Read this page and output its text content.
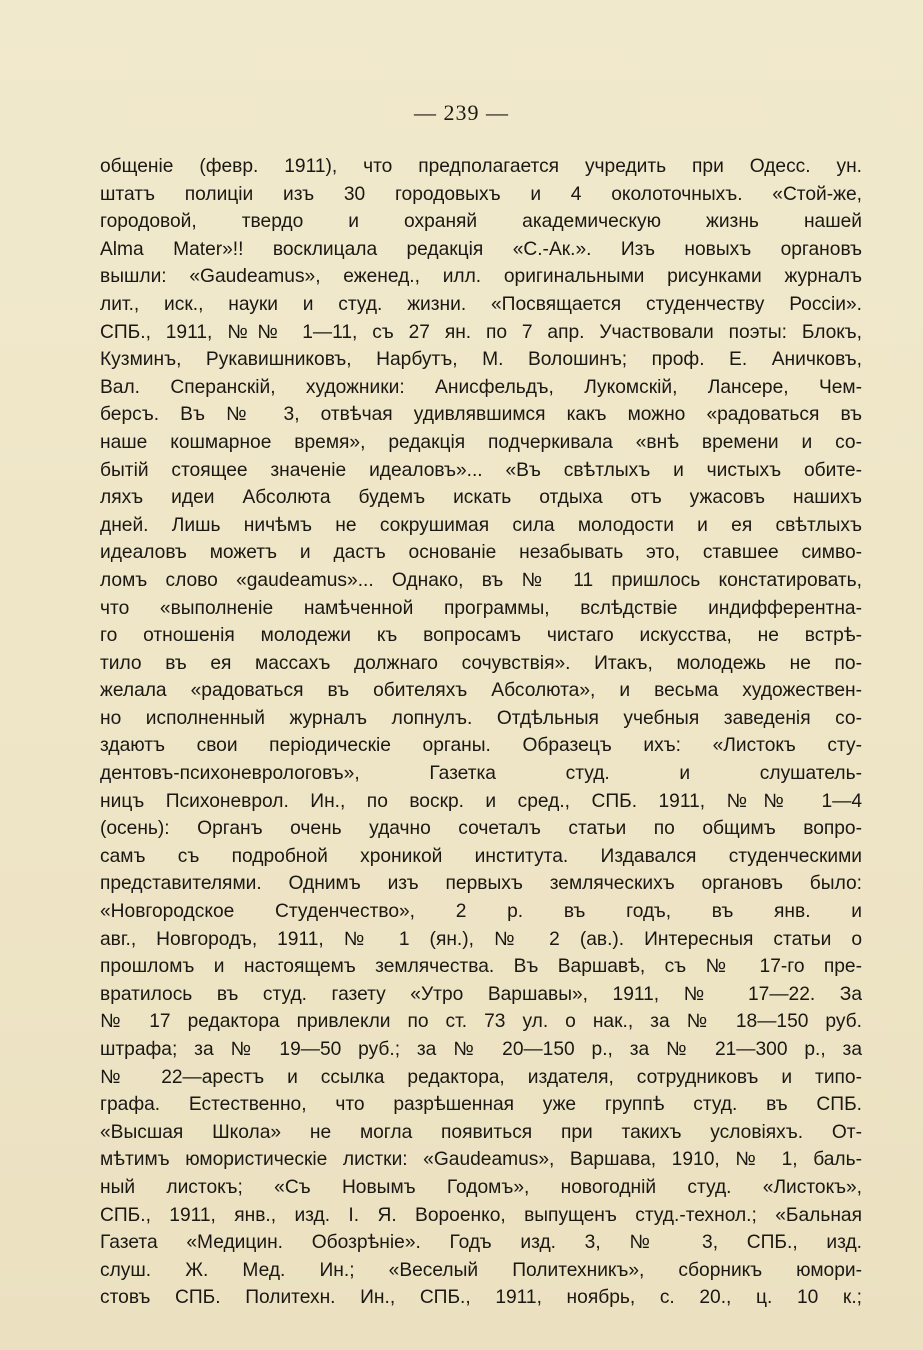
— 239 —
общенiе (февр. 1911), что предполагается учредить при Одесс. ун.
штатъ полицiи изъ 30 городовыхъ и 4 околоточныхъ. «Стой-же,
городовой, твердо и охраняй академическую жизнь нашей
Alma Mater»!! восклицала редакцiя «С.-Ак.». Изъ новыхъ органовъ
вышли: «Gaudeamus», еженед., илл. оригинальными рисунками журналъ
лит., иск., науки и студ. жизни. «Посвящается студенчеству Россiи».
СПБ., 1911, №№ 1—11, съ 27 ян. по 7 апр. Участвовали поэты: Блокъ,
Кузминъ, Рукавишниковъ, Нарбутъ, М. Волошинъ; проф. Е. Аничковъ,
Вал. Сперанскiй, художники: Анисфельдъ, Лукомскiй, Лансере, Чем-
берсъ. Въ № 3, отвѣчая удивлявшимся какъ можно «радоваться въ
наше кошмарное время», редакцiя подчеркивала «внѣ времени и со-
бытiй стоящее значенiе идеаловъ»... «Въ свѣтлыхъ и чистыхъ обите-
ляхъ идеи Абсолюта будемъ искать отдыха отъ ужасовъ нашихъ
дней. Лишь ничѣмъ не сокрушимая сила молодости и ея свѣтлыхъ
идеаловъ можетъ и дастъ основанiе незабывать это, ставшее симво-
ломъ слово «gaudeamus»... Однако, въ № 11 пришлось констатировать,
что «выполненiе намѣченной программы, вслѣдствiе индифферентна-
го отношенiя молодежи къ вопросамъ чистаго искусства, не встрѣ-
тило въ ея массахъ должнаго сочувствiя». Итакъ, молодежь не по-
желала «радоваться въ обителяхъ Абсолюта», и весьма художествен-
но исполненный журналъ лопнулъ. Отдѣльныя учебныя заведенiя со-
здаютъ свои перiодическiе органы. Образецъ ихъ: «Листокъ сту-
дентовъ-психоневрологовъ», Газетка студ. и слушатель-
ницъ Психоневрол. Ин., по воскр. и сред., СПБ. 1911, №№ 1—4
(осень): Органъ очень удачно сочеталъ статьи по общимъ вопро-
самъ съ подробной хроникой института. Издавался студенческими
представителями. Однимъ изъ первыхъ земляческихъ органовъ было:
«Новгородское Студенчество», 2 р. въ годъ, въ янв. и
авг., Новгородъ, 1911, № 1 (ян.), № 2 (ав.). Интересныя статьи о
прошломъ и настоящемъ землячества. Въ Варшавѣ, съ № 17-го пре-
вратилось въ студ. газету «Утро Варшавы», 1911, № 17—22. За
№ 17 редактора привлекли по ст. 73 ул. о нак., за № 18—150 руб.
штрафа; за № 19—50 руб.; за № 20—150 р., за № 21—300 р., за
№ 22—арестъ и ссылка редактора, издателя, сотрудниковъ и типо-
графа. Естественно, что разрѣшенная уже группѣ студ. въ СПБ.
«Высшая Школа» не могла появиться при такихъ условiяхъ. От-
мѣтимъ юмористическiе листки: «Gaudeamus», Варшава, 1910, № 1, баль-
ный листокъ; «Съ Новымъ Годомъ», новогоднiй студ. «Листокъ»,
СПБ., 1911, янв., изд. I. Я. Вороенко, выпущенъ студ.-технол.; «Бальная
Газета «Медицин. Обозрѣнiе». Годъ изд. 3, № 3, СПБ., изд.
слуш. Ж. Мед. Ин.; «Веселый Политехникъ», сборникъ юмори-
стовъ СПБ. Политехн. Ин., СПБ., 1911, ноябрь, с. 20., ц. 10 к.;
